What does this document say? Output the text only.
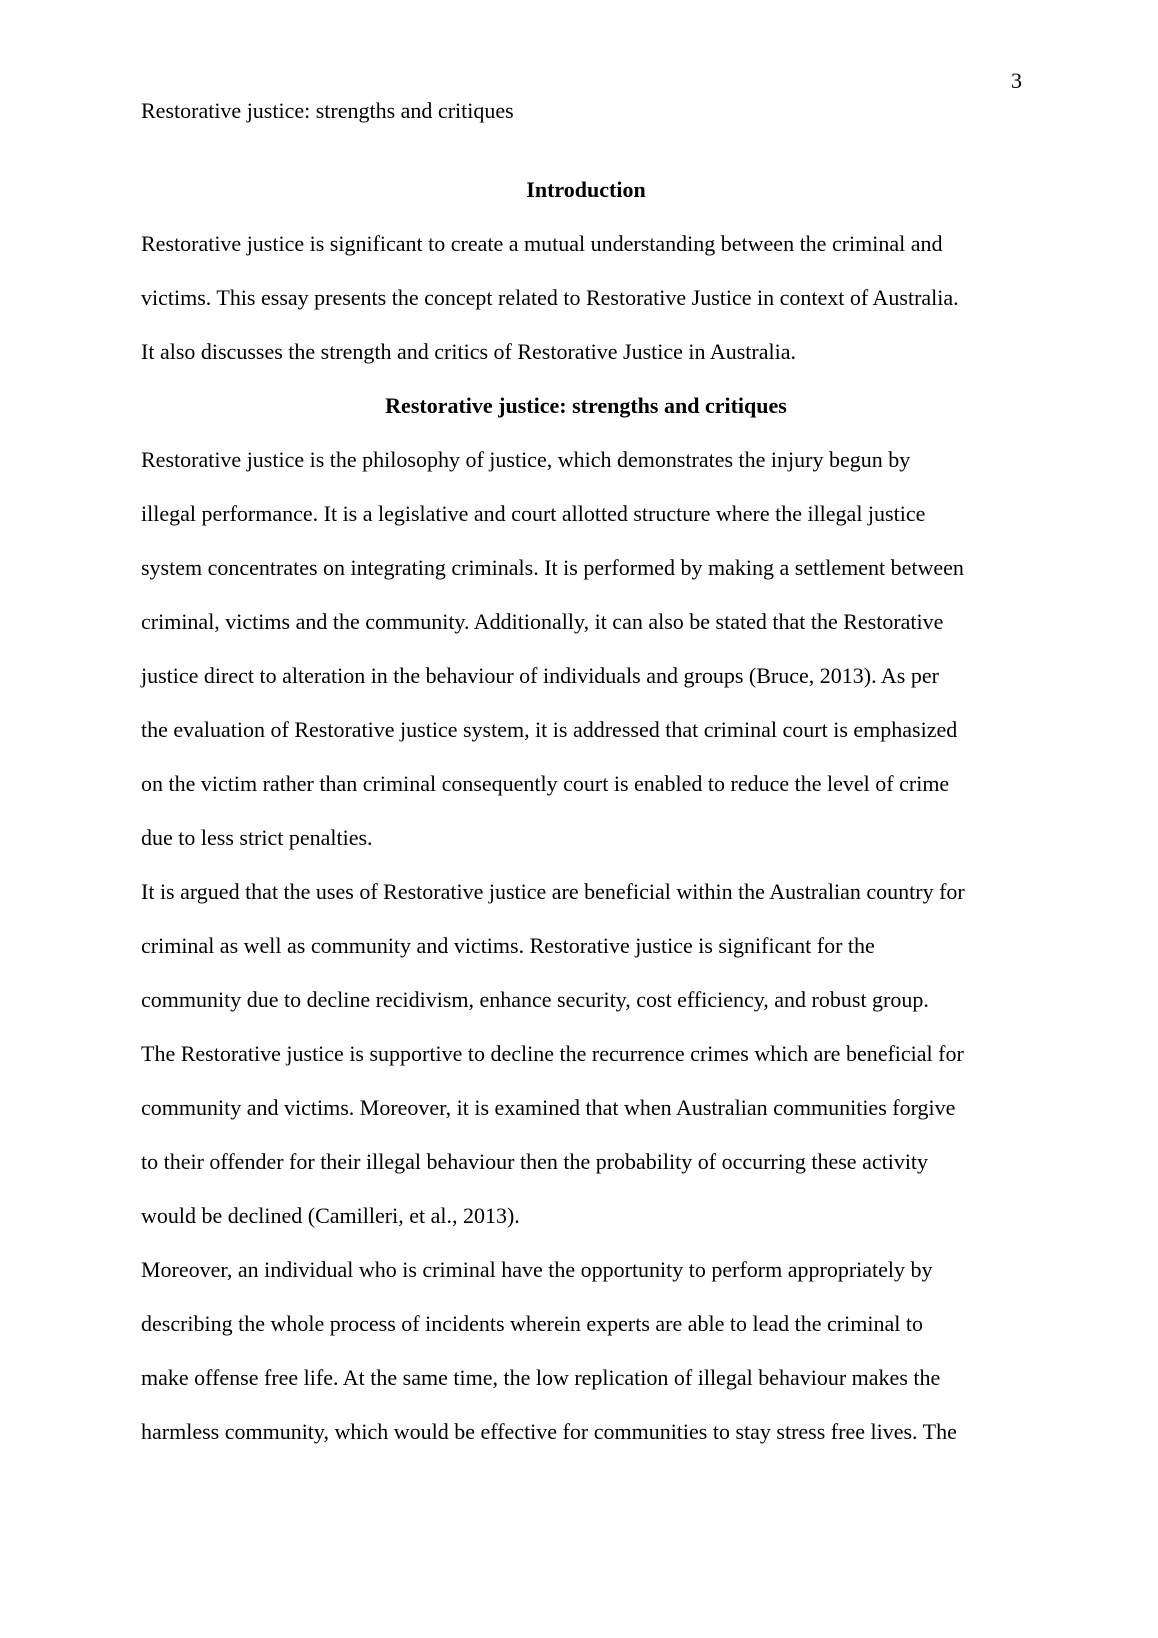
3
Restorative justice: strengths and critiques
Introduction

Restorative justice is significant to create a mutual understanding between the criminal and
victims. This essay presents the concept related to Restorative Justice in context of Australia.
It also discusses the strength and critics of Restorative Justice in Australia.

Restorative justice: strengths and critiques

Restorative justice is the philosophy of justice, which demonstrates the injury begun by
illegal performance. It is a legislative and court allotted structure where the illegal justice
system concentrates on integrating criminals. It is performed by making a settlement between
criminal, victims and the community. Additionally, it can also be stated that the Restorative
justice direct to alteration in the behaviour of individuals and groups (Bruce, 2013). As per
the evaluation of Restorative justice system, it is addressed that criminal court is emphasized
on the victim rather than criminal consequently court is enabled to reduce the level of crime
due to less strict penalties.

It is argued that the uses of Restorative justice are beneficial within the Australian country for
criminal as well as community and victims. Restorative justice is significant for the
community due to decline recidivism, enhance security, cost efficiency, and robust group.
The Restorative justice is supportive to decline the recurrence crimes which are beneficial for
community and victims. Moreover, it is examined that when Australian communities forgive
to their offender for their illegal behaviour then the probability of occurring these activity
would be declined (Camilleri, et al., 2013).

Moreover, an individual who is criminal have the opportunity to perform appropriately by
describing the whole process of incidents wherein experts are able to lead the criminal to
make offense free life. At the same time, the low replication of illegal behaviour makes the
harmless community, which would be effective for communities to stay stress free lives. The
